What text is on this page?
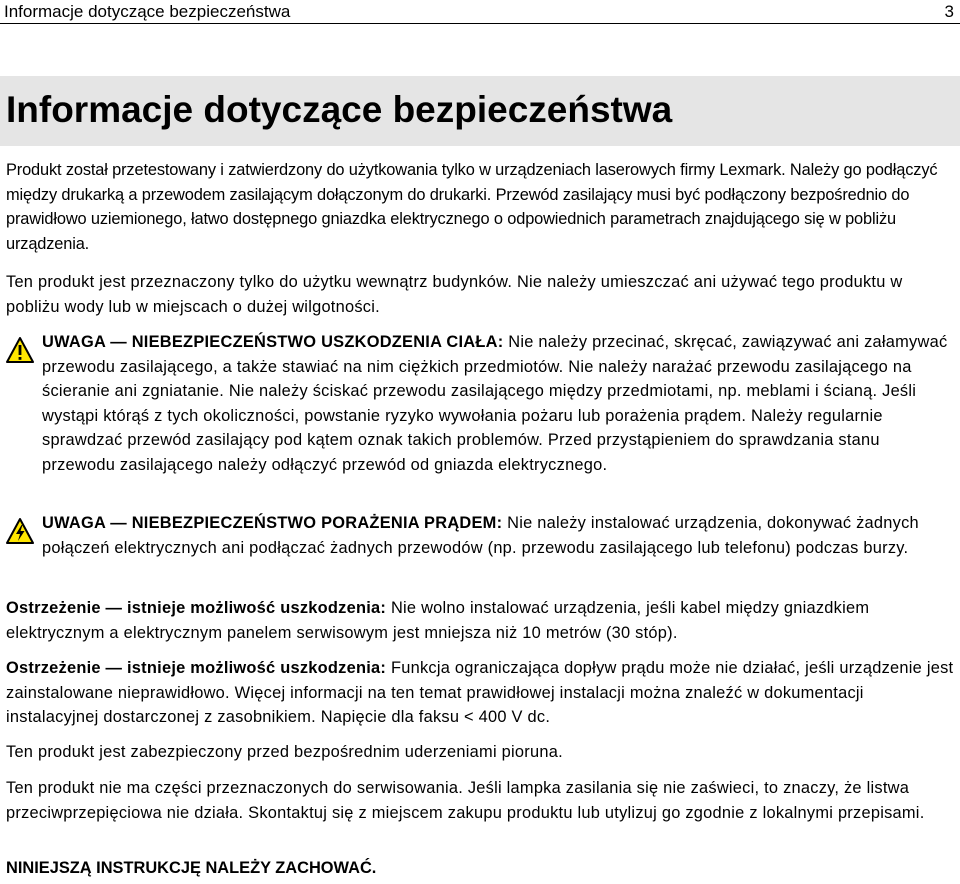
Informacje dotyczące bezpieczeństwa	3
Informacje dotyczące bezpieczeństwa

Produkt został przetestowany i zatwierdzony do użytkowania tylko w urządzeniach laserowych firmy Lexmark. Należy go podłączyć między drukarką a przewodem zasilającym dołączonym do drukarki. Przewód zasilający musi być podłączony bezpośrednio do prawidłowo uziemionego, łatwo dostępnego gniazdka elektrycznego o odpowiednich parametrach znajdującego się w pobliżu urządzenia.

Ten produkt jest przeznaczony tylko do użytku wewnątrz budynków. Nie należy umieszczać ani używać tego produktu w pobliżu wody lub w miejscach o dużej wilgotności.

UWAGA — NIEBEZPIECZEŃSTWO USZKODZENIA CIAŁA: Nie należy przecinać, skręcać, zawiązywać ani załamywać przewodu zasilającego, a także stawiać na nim ciężkich przedmiotów. Nie należy narażać przewodu zasilającego na ścieranie ani zgniatanie. Nie należy ściskać przewodu zasilającego między przedmiotami, np. meblami i ścianą. Jeśli wystąpi którąś z tych okoliczności, powstanie ryzyko wywołania pożaru lub porażenia prądem. Należy regularnie sprawdzać przewód zasilający pod kątem oznak takich problemów. Przed przystąpieniem do sprawdzania stanu przewodu zasilającego należy odłączyć przewód od gniazda elektrycznego.

UWAGA — NIEBEZPIECZEŃSTWO PORAŻENIA PRĄDEM: Nie należy instalować urządzenia, dokonywać żadnych połączeń elektrycznych ani podłączać żadnych przewodów (np. przewodu zasilającego lub telefonu) podczas burzy.

Ostrzeżenie — istnieje możliwość uszkodzenia: Nie wolno instalować urządzenia, jeśli kabel między gniazdkiem elektrycznym a elektrycznym panelem serwisowym jest mniejsza niż 10 metrów (30 stóp).

Ostrzeżenie — istnieje możliwość uszkodzenia: Funkcja ograniczająca dopływ prądu może nie działać, jeśli urządzenie jest zainstalowane nieprawidłowo. Więcej informacji na ten temat prawidłowej instalacji można znaleźć w dokumentacji instalacyjnej dostarczonej z zasobnikiem. Napięcie dla faksu < 400 V dc.

Ten produkt jest zabezpieczony przed bezpośrednim uderzeniami pioruna.

Ten produkt nie ma części przeznaczonych do serwisowania. Jeśli lampka zasilania się nie zaświeci, to znaczy, że listwa przeciwprzepięciowa nie działa. Skontaktuj się z miejscem zakupu produktu lub utylizuj go zgodnie z lokalnymi przepisami.

NINIEJSZĄ INSTRUKCJĘ NALEŻY ZACHOWAĆ.
